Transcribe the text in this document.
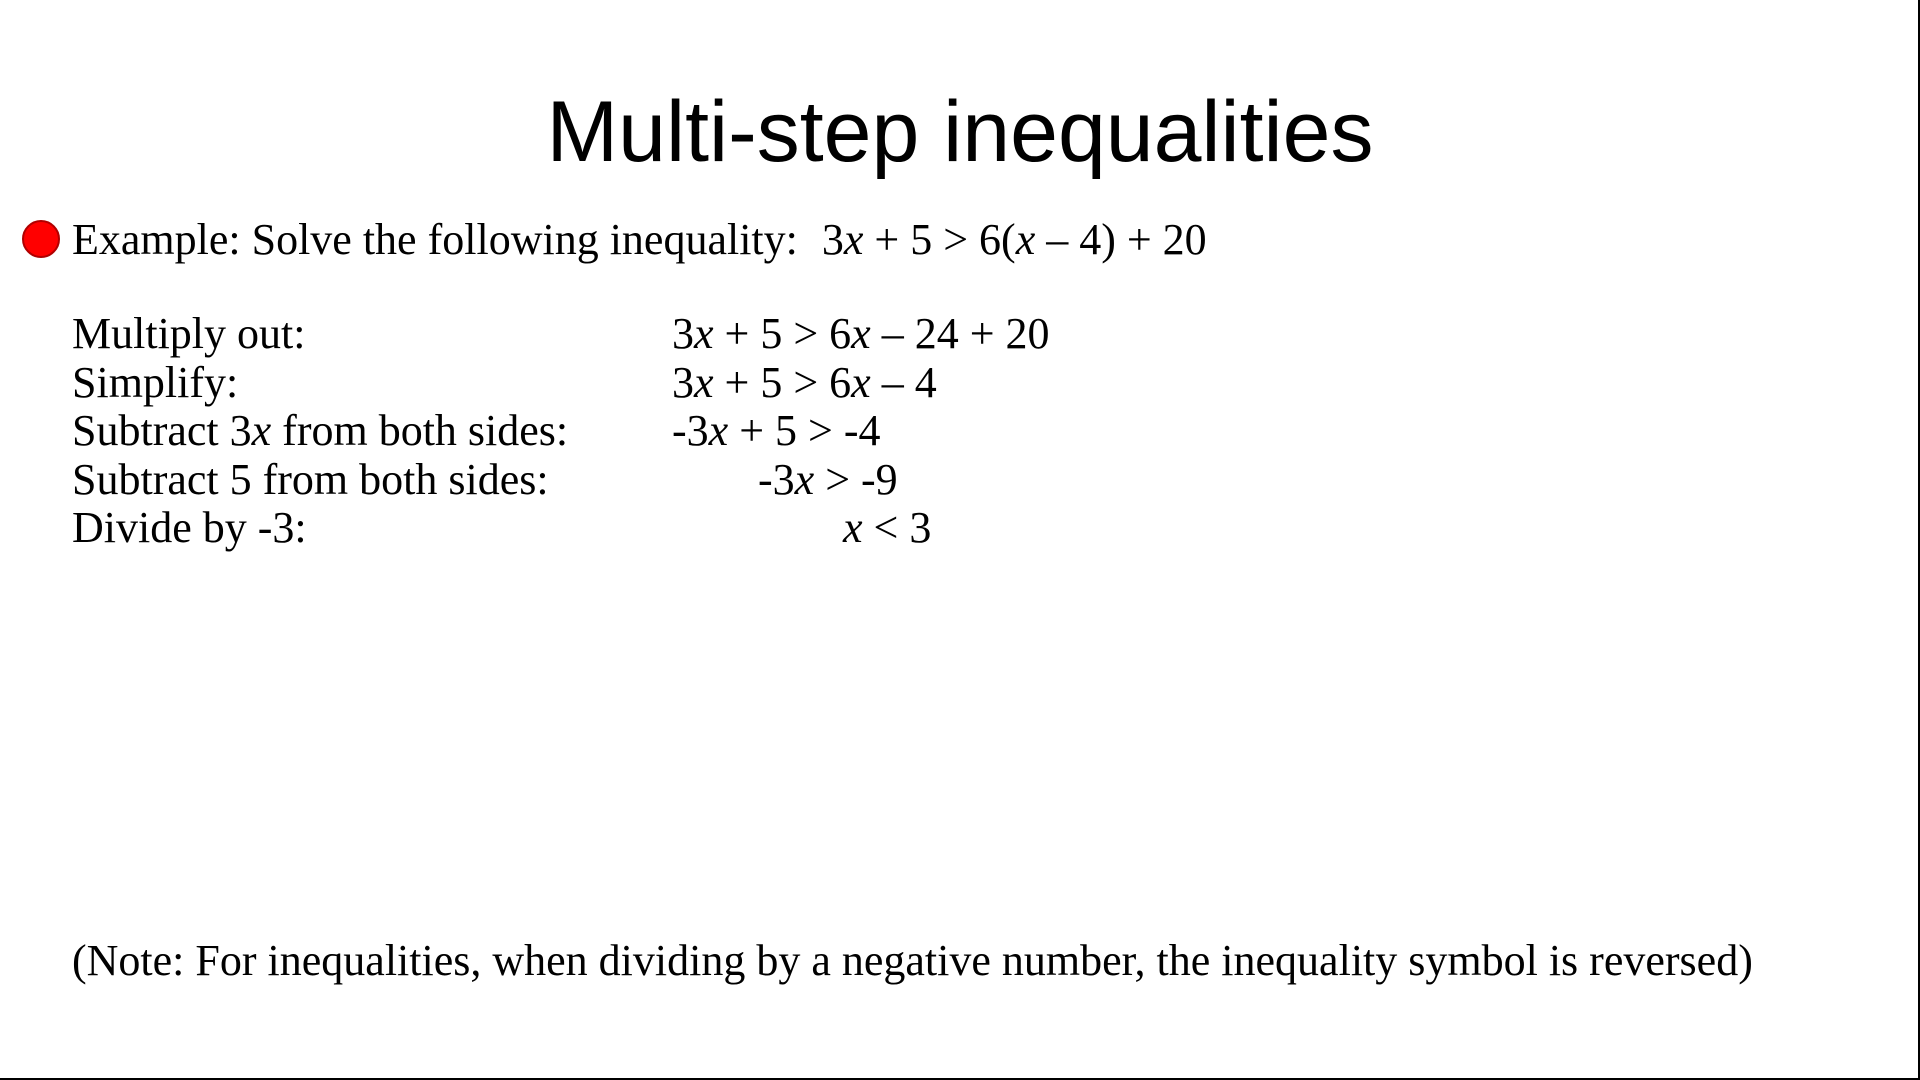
Multi-step inequalities
Example: Solve the following inequality: 3x + 5 > 6(x – 4) + 20
Multiply out:	3x + 5 > 6x – 24 + 20
Simplify:	3x + 5 > 6x – 4
Subtract 3x from both sides: -3x + 5 > -4
Subtract 5 from both sides:	-3x > -9
Divide by -3:	x < 3
(Note: For inequalities, when dividing by a negative number, the inequality symbol is reversed)
